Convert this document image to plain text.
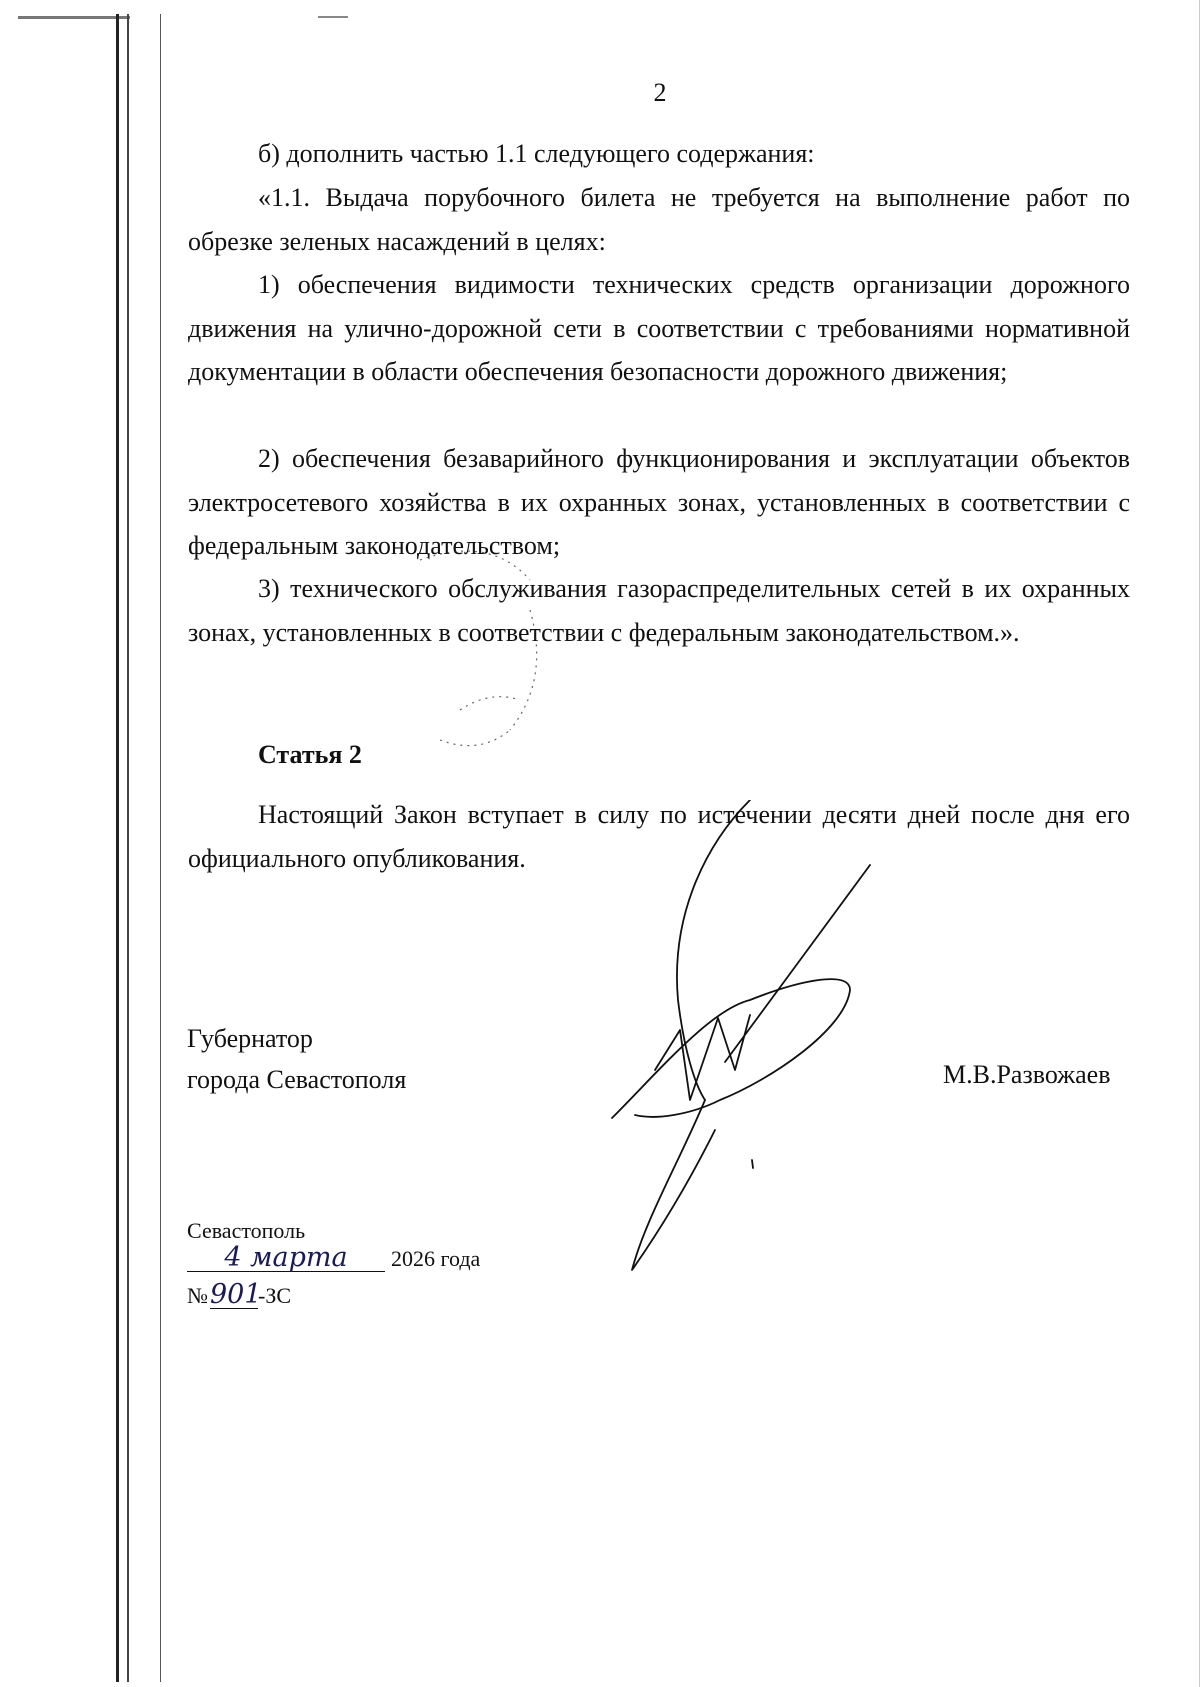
2

б) дополнить частью 1.1 следующего содержания:

«1.1. Выдача порубочного билета не требуется на выполнение работ по обрезке зеленых насаждений в целях:

1) обеспечения видимости технических средств организации дорожного движения на улично-дорожной сети в соответствии с требованиями нормативной документации в области обеспечения безопасности дорожного движения;

2) обеспечения безаварийного функционирования и эксплуатации объектов электросетевого хозяйства в их охранных зонах, установленных в соответствии с федеральным законодательством;

3) технического обслуживания газораспределительных сетей в их охранных зонах, установленных в соответствии с федеральным законодательством.».

Статья 2

Настоящий Закон вступает в силу по истечении десяти дней после дня его официального опубликования.

Губернатор
города Севастополя	М.В.Развожаев
Севастополь
4 марта	2026 года
№ 901
-ЗС
